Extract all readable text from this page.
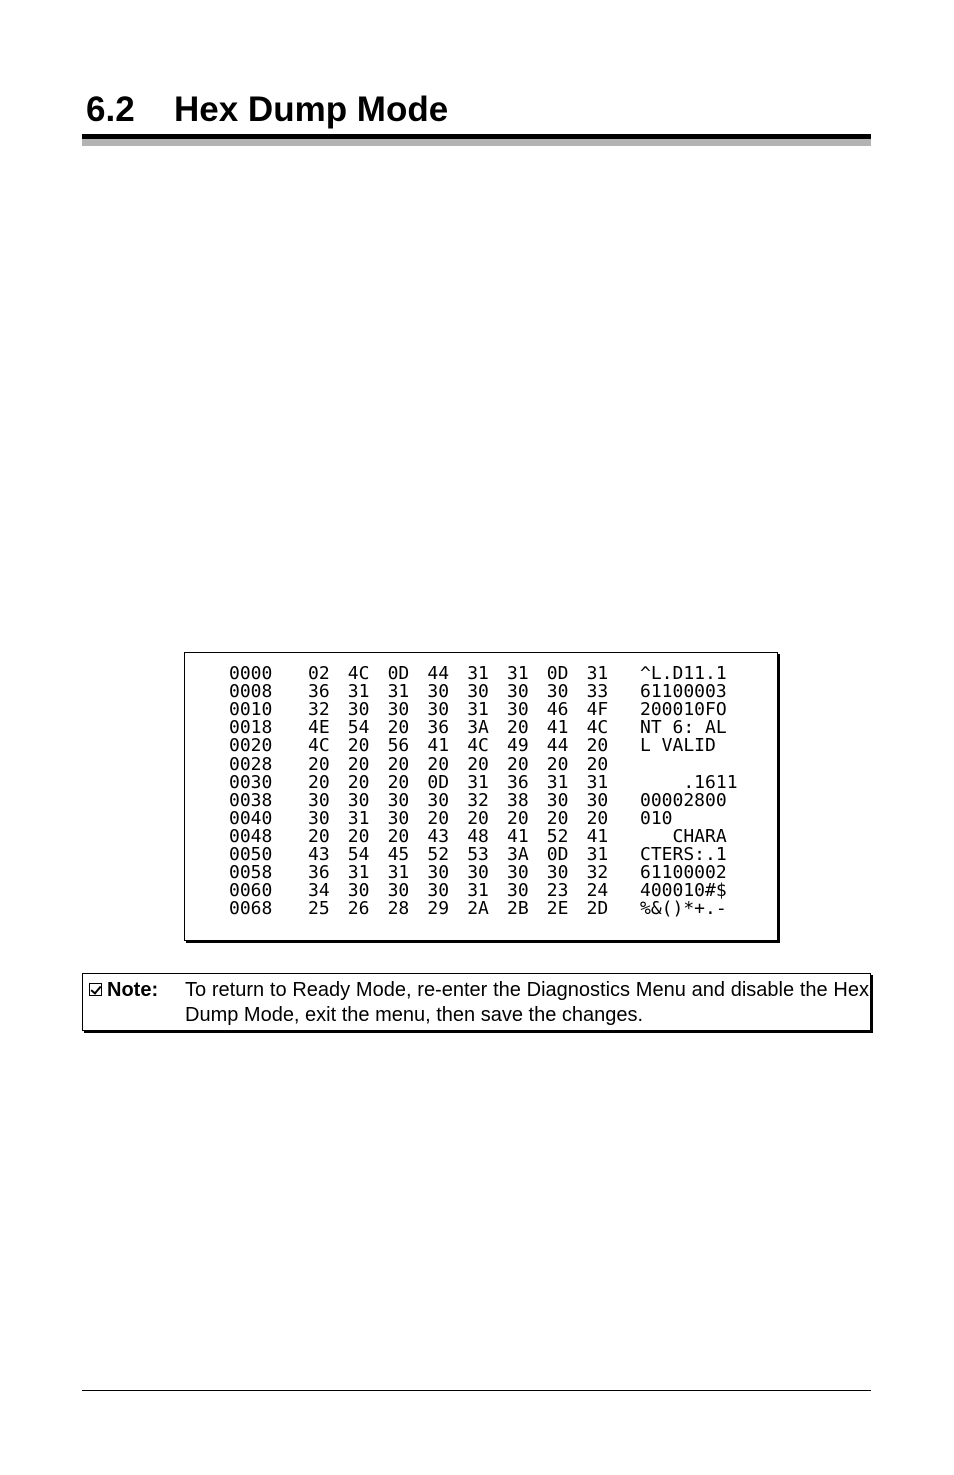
6.2 Hex Dump Mode
0000 02 4C 0D 44 31 31 0D 31 ^L.D11.1
0008 36 31 31 30 30 30 30 33 61100003
0010 32 30 30 30 31 30 46 4F 200010FO
0018 4E 54 20 36 3A 20 41 4C NT 6: AL
0020 4C 20 56 41 4C 49 44 20 L VALID
0028 20 20 20 20 20 20 20 20
0030 20 20 20 0D 31 36 31 31 .1611
0038 30 30 30 30 32 38 30 30 00002800
0040 30 31 30 20 20 20 20 20 010
0048 20 20 20 43 48 41 52 41 CHARA
0050 43 54 45 52 53 3A 0D 31 CTERS:.1
0058 36 31 31 30 30 30 30 32 61100002
0060 34 30 30 30 31 30 23 24 400010#$
0068 25 26 28 29 2A 2B 2E 2D %&()*+.-
Note: To return to Ready Mode, re-enter the Diagnostics Menu and disable the Hex Dump Mode, exit the menu, then save the changes.
